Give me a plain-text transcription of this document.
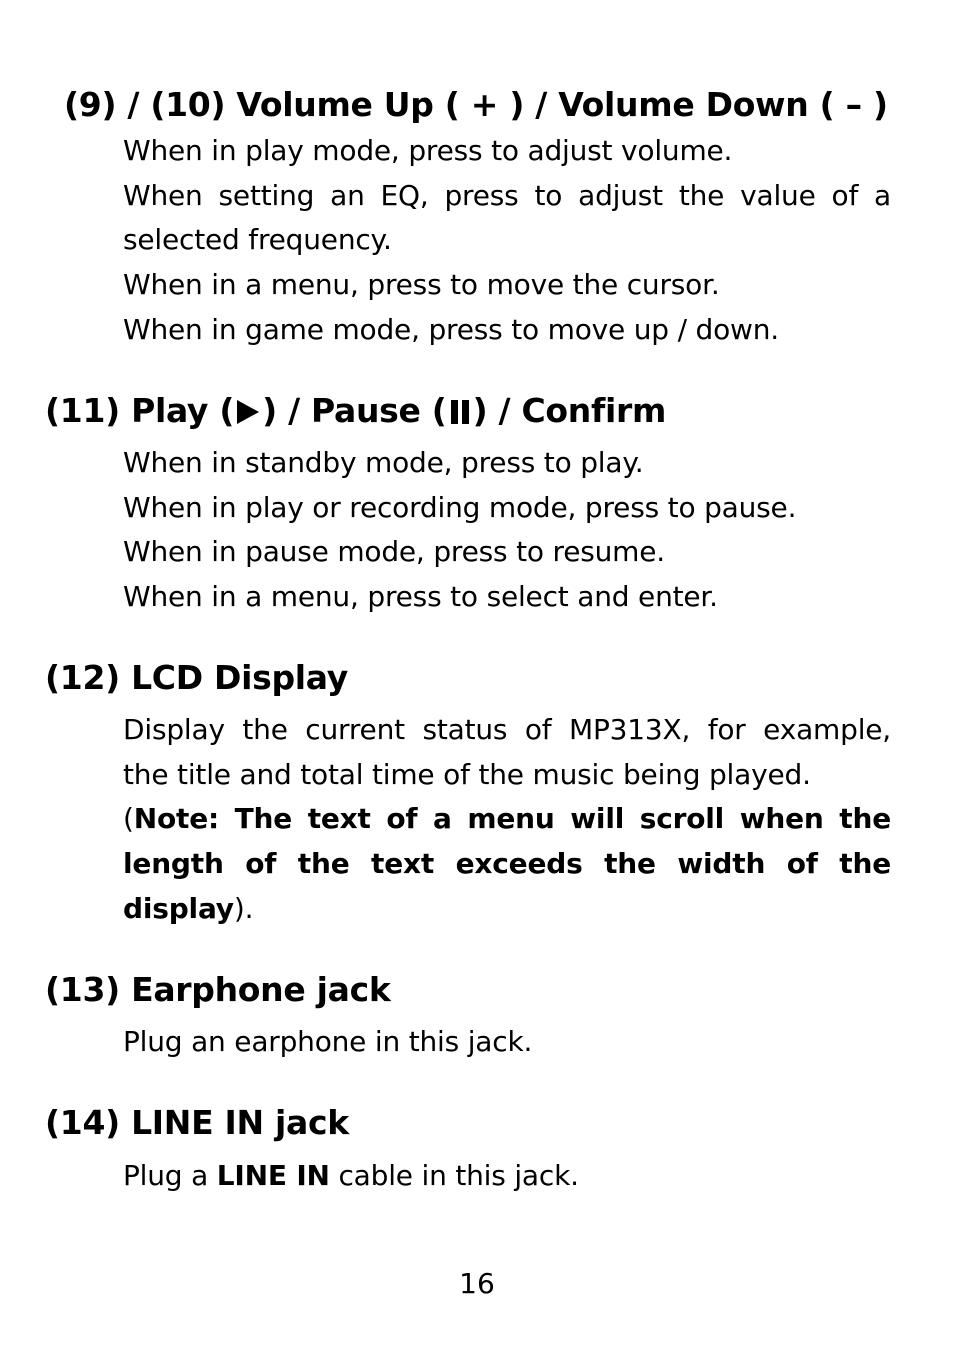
(9) / (10) Volume Up ( + ) / Volume Down ( – )
When in play mode, press to adjust volume.
When setting an EQ, press to adjust the value of a
selected frequency.
When in a menu, press to move the cursor.
When in game mode, press to move up / down.
(11) Play ( ) / Pause ( ) / Confirm
When in standby mode, press to play.
When in play or recording mode, press to pause.
When in pause mode, press to resume.
When in a menu, press to select and enter.
(12) LCD Display
Display the current status of MP313X, for example,
the title and total time of the music being played.
(Note: The text of a menu will scroll when the length of the text exceeds the width of the display).
(13) Earphone jack
Plug an earphone in this jack.
(14) LINE IN jack
Plug a LINE IN cable in this jack.
16
